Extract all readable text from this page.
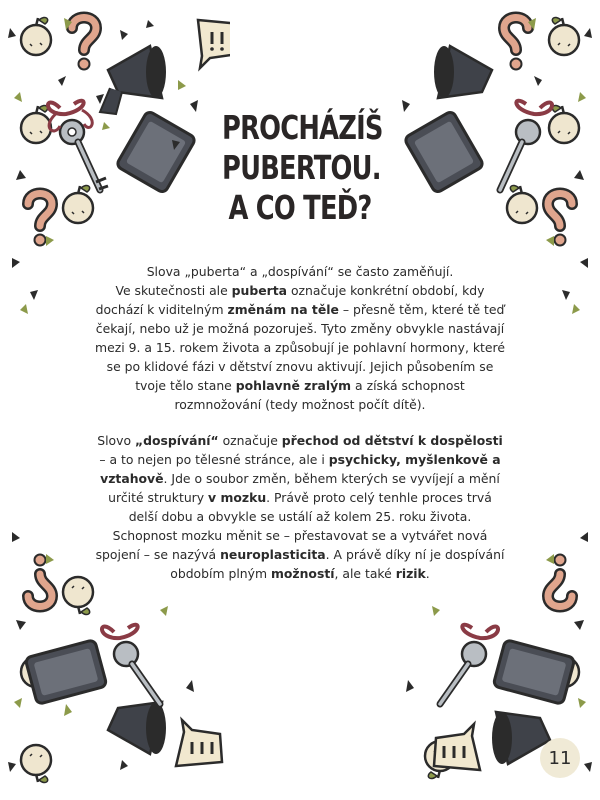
PROCHÁZÍŠ
PUBERTOU.
A CO TEĎ?

Slova „puberta“ a „dospívání“ se často zaměňují.
Ve skutečnosti ale puberta označuje konkrétní období, kdy dochází k viditelným změnám na těle – přesně těm, které tě teď čekají, nebo už je možná pozoruješ. Tyto změny obvykle nastávají mezi 9. a 15. rokem života a způsobují je pohlavní hormony, které se po klidové fázi v dětství znovu aktivují. Jejich působením se tvoje tělo stane pohlavně zralým a získá schopnost rozmnožování (tedy možnost počít dítě).

Slovo „dospívání“ označuje přechod od dětství k dospělosti – a to nejen po tělesné stránce, ale i psychicky, myšlenkově a vztahově. Jde o soubor změn, během kterých se vyvíjejí a mění určité struktury v mozku. Právě proto celý tenhle proces trvá delší dobu a obvykle se ustálí až kolem 25. roku života. Schopnost mozku měnit se – přestavovat se a vytvářet nová spojení – se nazývá neuroplasticita. A právě díky ní je dospívání obdobím plným možností, ale také rizik.

11
